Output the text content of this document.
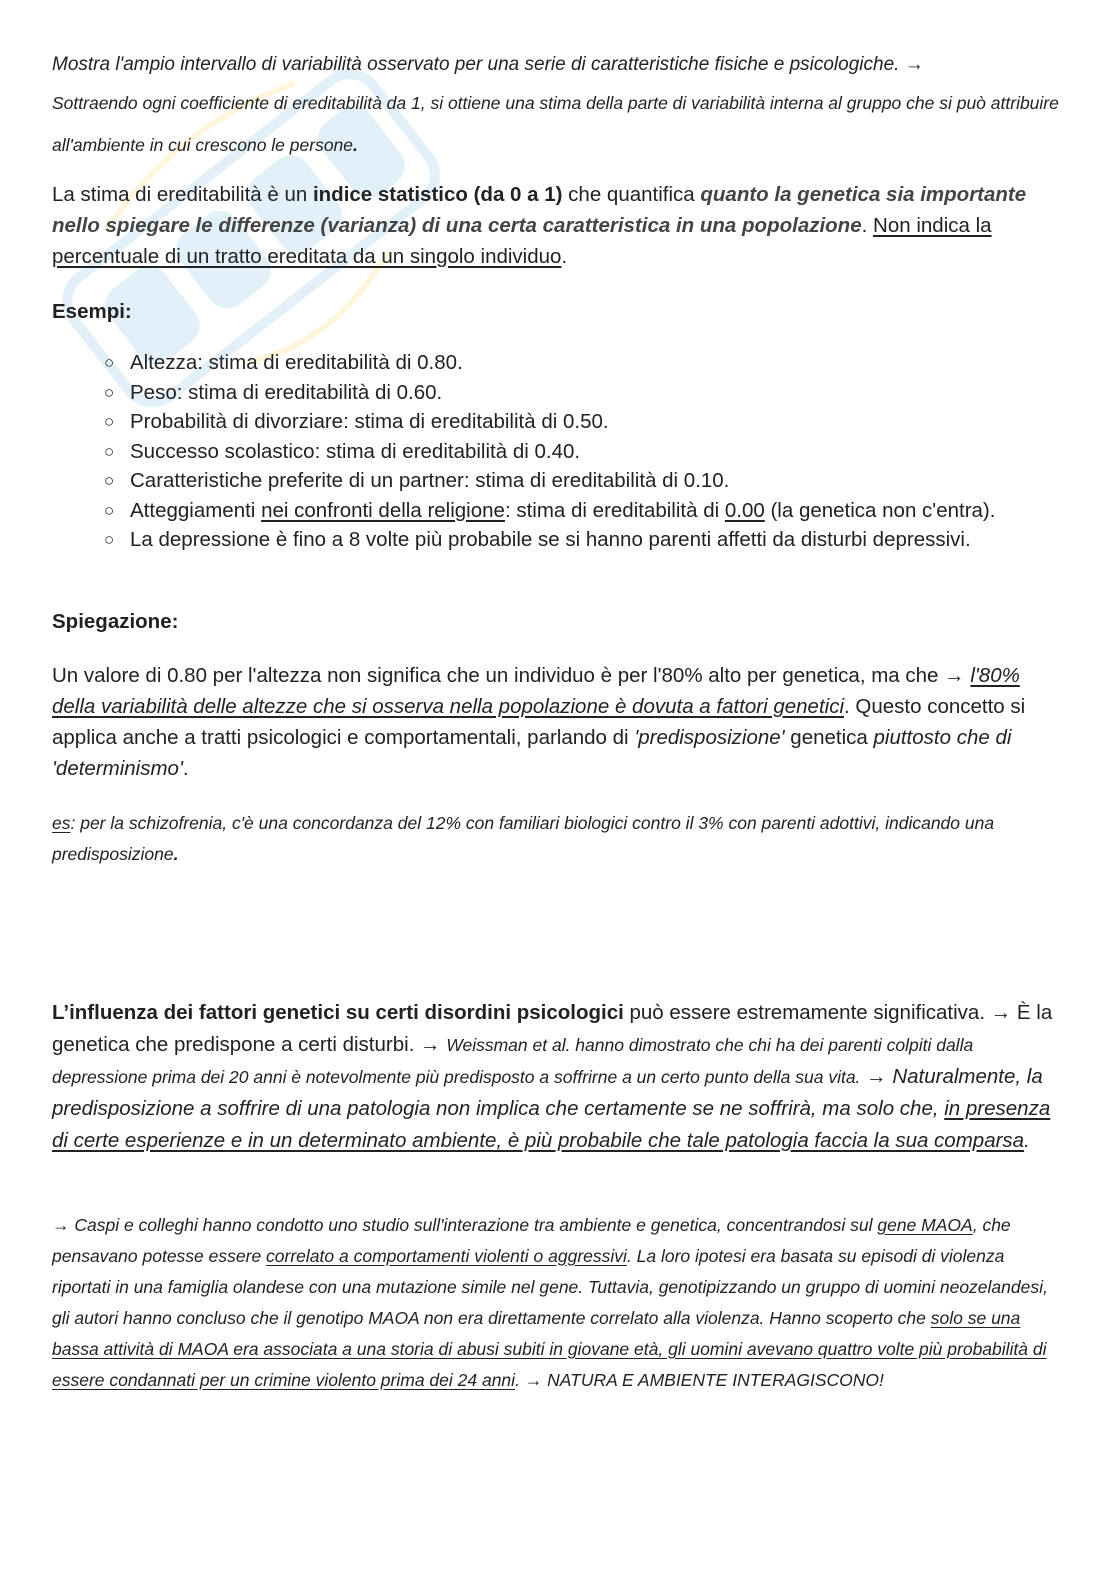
Mostra l'ampio intervallo di variabilità osservato per una serie di caratteristiche fisiche e psicologiche. →

Sottraendo ogni coefficiente di ereditabilità da 1, si ottiene una stima della parte di variabilità interna al gruppo che si può attribuire all'ambiente in cui crescono le persone.

La stima di ereditabilità è un indice statistico (da 0 a 1) che quantifica quanto la genetica sia importante nello spiegare le differenze (varianza) di una certa caratteristica in una popolazione. Non indica la percentuale di un tratto ereditata da un singolo individuo.

Esempi:

○ Altezza: stima di ereditabilità di 0.80.
○ Peso: stima di ereditabilità di 0.60.
○ Probabilità di divorziare: stima di ereditabilità di 0.50.
○ Successo scolastico: stima di ereditabilità di 0.40.
○ Caratteristiche preferite di un partner: stima di ereditabilità di 0.10.
○ Atteggiamenti nei confronti della religione: stima di ereditabilità di 0.00 (la genetica non c'entra).
○ La depressione è fino a 8 volte più probabile se si hanno parenti affetti da disturbi depressivi.

Spiegazione:

Un valore di 0.80 per l'altezza non significa che un individuo è per l'80% alto per genetica, ma che → l'80% della variabilità delle altezze che si osserva nella popolazione è dovuta a fattori genetici. Questo concetto si applica anche a tratti psicologici e comportamentali, parlando di 'predisposizione' genetica piuttosto che di 'determinismo'.

es: per la schizofrenia, c'è una concordanza del 12% con familiari biologici contro il 3% con parenti adottivi, indicando una predisposizione.

L’influenza dei fattori genetici su certi disordini psicologici può essere estremamente significativa. → È la genetica che predispone a certi disturbi. → Weissman et al. hanno dimostrato che chi ha dei parenti colpiti dalla depressione prima dei 20 anni è notevolmente più predisposto a soffrirne a un certo punto della sua vita. → Naturalmente, la predisposizione a soffrire di una patologia non implica che certamente se ne soffrirà, ma solo che, in presenza di certe esperienze e in un determinato ambiente, è più probabile che tale patologia faccia la sua comparsa.

→ Caspi e colleghi hanno condotto uno studio sull'interazione tra ambiente e genetica, concentrandosi sul gene MAOA, che pensavano potesse essere correlato a comportamenti violenti o aggressivi. La loro ipotesi era basata su episodi di violenza riportati in una famiglia olandese con una mutazione simile nel gene. Tuttavia, genotipizzando un gruppo di uomini neozelandesi, gli autori hanno concluso che il genotipo MAOA non era direttamente correlato alla violenza. Hanno scoperto che solo se una bassa attività di MAOA era associata a una storia di abusi subiti in giovane età, gli uomini avevano quattro volte più probabilità di essere condannati per un crimine violento prima dei 24 anni. → NATURA E AMBIENTE INTERAGISCONO!
